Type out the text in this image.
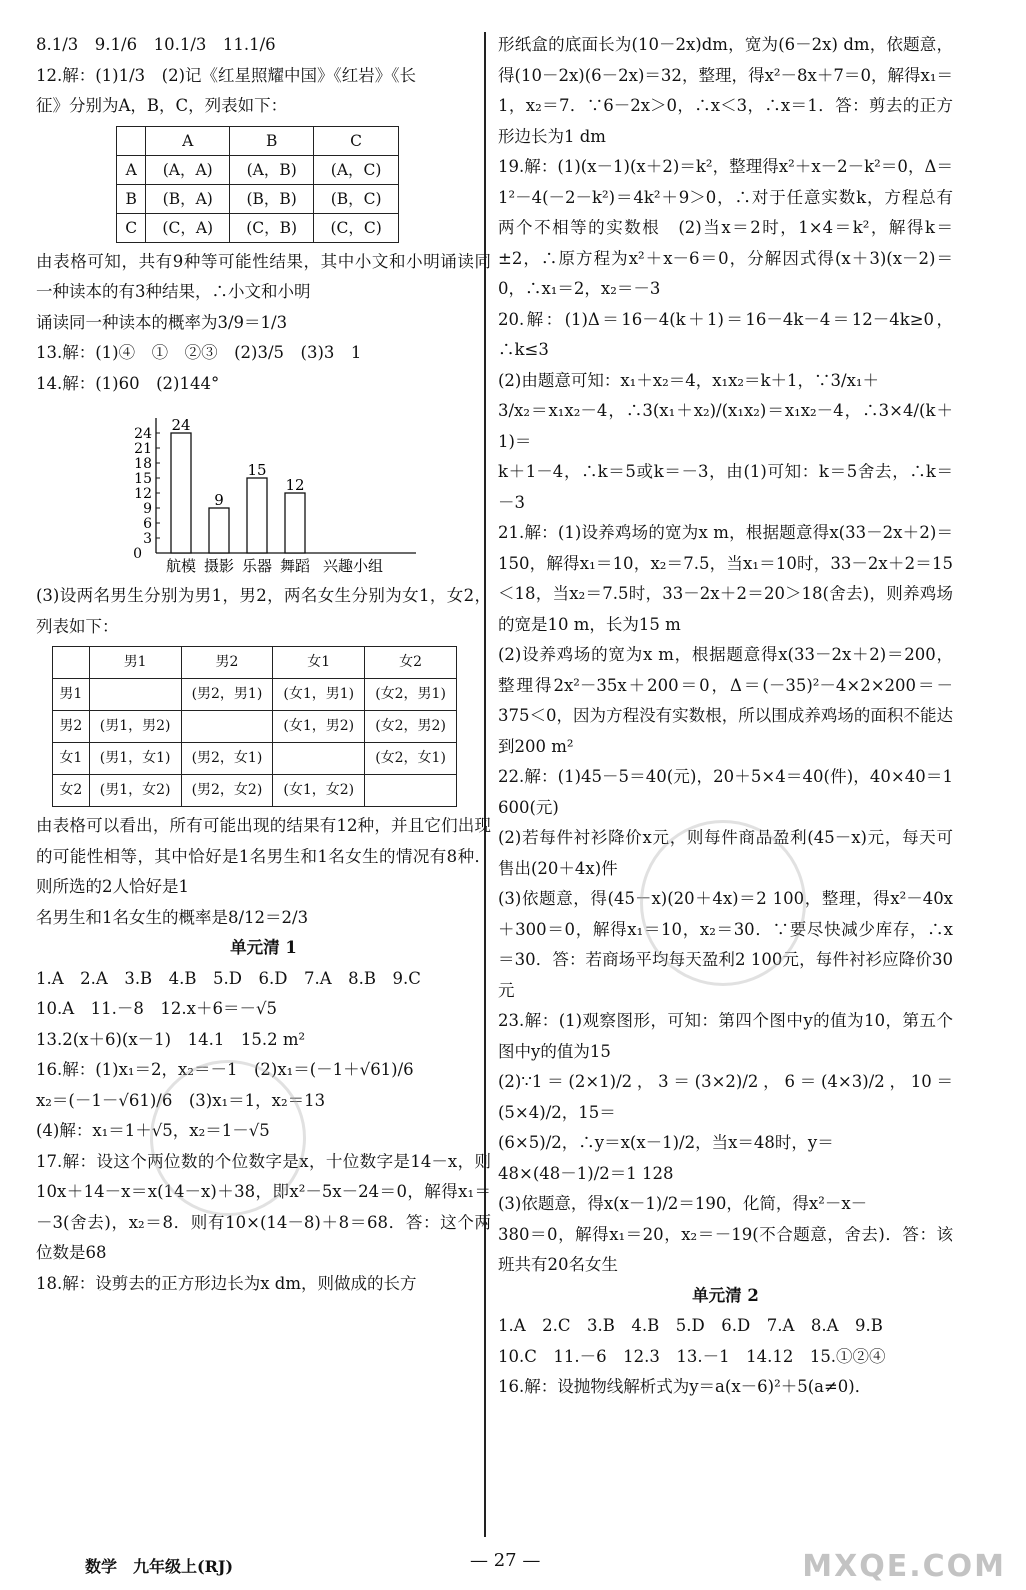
8.1/3　9.1/6　10.1/3　11.1/6

12.解：(1)1/3　(2)记《红星照耀中国》《红岩》《长

征》分别为A，B，C，列表如下：

	A	B	C
A	(A，A)	(A，B)	(A，C)
B	(B，A)	(B，B)	(B，C)
C	(C，A)	(C，B)	(C，C)

由表格可知，共有9种等可能性结果，其中小文和小明诵读同一种读本的有3种结果，∴小文和小明

诵读同一种读本的概率为3/9＝1/3

13.解：(1)④　①　②③　(2)3/5　(3)3　1

14.解：(1)60　(2)144°

0
3
6
9
12
15
18
21
24 24
航模
9
摄影
15
乐器
12
舞蹈 兴趣小组

(3)设两名男生分别为男1，男2，两名女生分别为女1，女2，列表如下：

	男1	男2	女1	女2
男1		(男2，男1)	(女1，男1)	(女2，男1)
男2	(男1，男2)		(女1，男2)	(女2，男2)
女1	(男1，女1)	(男2，女1)		(女2，女1)
女2	(男1，女2)	(男2，女2)	(女1，女2)	

由表格可以看出，所有可能出现的结果有12种，并且它们出现的可能性相等，其中恰好是1名男生和1名女生的情况有8种．则所选的2人恰好是1

名男生和1名女生的概率是8/12＝2/3

单元清 1

1.A　2.A　3.B　4.B　5.D　6.D　7.A　8.B　9.C

10.A　11.－8　12.x＋6＝－√5

13.2(x＋6)(x－1)　14.1　15.2 m²

16.解：(1)x₁＝2，x₂＝－1　(2)x₁＝(－1＋√61)/6

x₂＝(－1－√61)/6　(3)x₁＝1，x₂＝13

(4)解：x₁＝1＋√5，x₂＝1－√5

17.解：设这个两位数的个位数字是x，十位数字是14－x，则10x＋14－x＝x(14－x)＋38，即x²－5x－24＝0，解得x₁＝－3(舍去)，x₂＝8．则有10×(14－8)＋8＝68．答：这个两位数是68

18.解：设剪去的正方形边长为x dm，则做成的长方

形纸盒的底面长为(10－2x)dm，宽为(6－2x) dm，依题意，得(10－2x)(6－2x)＝32，整理，得x²－8x＋7＝0，解得x₁＝1，x₂＝7．∵6－2x＞0，∴x＜3，∴x＝1．答：剪去的正方形边长为1 dm

19.解：(1)(x－1)(x＋2)＝k²，整理得x²＋x－2－k²＝0，Δ＝1²－4(－2－k²)＝4k²＋9＞0，∴对于任意实数k，方程总有两个不相等的实数根　(2)当x＝2时，1×4＝k²，解得k＝±2，∴原方程为x²＋x－6＝0，分解因式得(x＋3)(x－2)＝0，∴x₁＝2，x₂＝－3

20.解：(1)Δ＝16－4(k＋1)＝16－4k－4＝12－4k≥0，∴k≤3

(2)由题意可知：x₁＋x₂＝4，x₁x₂＝k＋1，∵3/x₁＋

3/x₂＝x₁x₂－4，∴3(x₁＋x₂)/(x₁x₂)＝x₁x₂－4，∴3×4/(k＋1)＝

k＋1－4，∴k＝5或k＝－3，由(1)可知：k＝5舍去，∴k＝－3

21.解：(1)设养鸡场的宽为x m，根据题意得x(33－2x＋2)＝150，解得x₁＝10，x₂＝7.5，当x₁＝10时，33－2x＋2＝15＜18，当x₂＝7.5时，33－2x＋2＝20＞18(舍去)，则养鸡场的宽是10 m，长为15 m

(2)设养鸡场的宽为x m，根据题意得x(33－2x＋2)＝200，整理得2x²－35x＋200＝0，Δ＝(－35)²－4×2×200＝－375＜0，因为方程没有实数根，所以围成养鸡场的面积不能达到200 m²

22.解：(1)45－5＝40(元)，20＋5×4＝40(件)，40×40＝1 600(元)

(2)若每件衬衫降价x元，则每件商品盈利(45－x)元，每天可售出(20＋4x)件

(3)依题意，得(45－x)(20＋4x)＝2 100，整理，得x²－40x＋300＝0，解得x₁＝10，x₂＝30．∵要尽快减少库存，∴x＝30．答：若商场平均每天盈利2 100元，每件衬衫应降价30元

23.解：(1)观察图形，可知：第四个图中y的值为10，第五个图中y的值为15

(2)∵1＝(2×1)/2，3＝(3×2)/2，6＝(4×3)/2，10＝(5×4)/2，15＝

(6×5)/2，∴y＝x(x－1)/2，当x＝48时，y＝

48×(48－1)/2＝1 128

(3)依题意，得x(x－1)/2＝190，化简，得x²－x－

380＝0，解得x₁＝20，x₂＝－19(不合题意，舍去)．答：该班共有20名女生

单元清 2

1.A　2.C　3.B　4.B　5.D　6.D　7.A　8.A　9.B

10.C　11.－6　12.3　13.－1　14.12　15.①②④

16.解：设抛物线解析式为y＝a(x－6)²＋5(a≠0)．

数学　九年级上(RJ)	— 27 —	MXQE.COM
